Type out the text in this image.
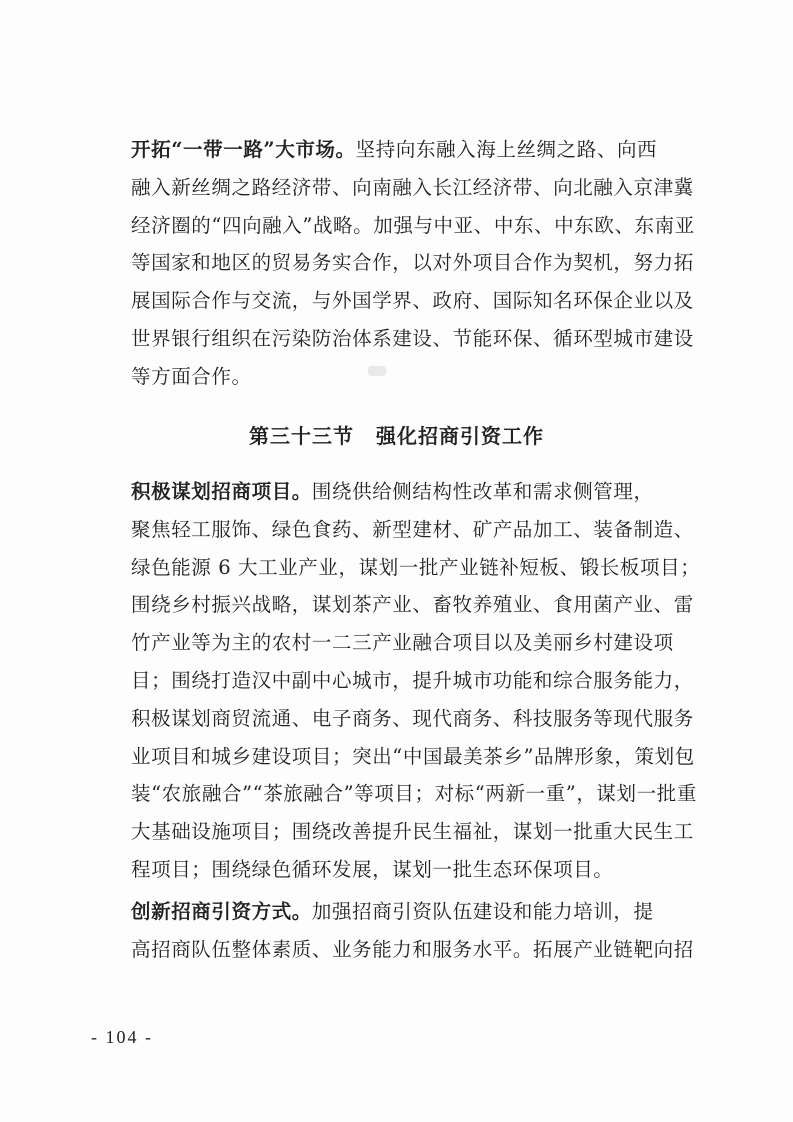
开拓“一带一路”大市场。坚持向东融入海上丝绸之路、向西
融入新丝绸之路经济带、向南融入长江经济带、向北融入京津冀
经济圈的“四向融入”战略。加强与中亚、中东、中东欧、东南亚
等国家和地区的贸易务实合作，以对外项目合作为契机，努力拓
展国际合作与交流，与外国学界、政府、国际知名环保企业以及
世界银行组织在污染防治体系建设、节能环保、循环型城市建设
等方面合作。
第三十三节 强化招商引资工作
积极谋划招商项目。围绕供给侧结构性改革和需求侧管理，
聚焦轻工服饰、绿色食药、新型建材、矿产品加工、装备制造、
绿色能源 6 大工业产业，谋划一批产业链补短板、锻长板项目；
围绕乡村振兴战略，谋划茶产业、畜牧养殖业、食用菌产业、雷
竹产业等为主的农村一二三产业融合项目以及美丽乡村建设项
目；围绕打造汉中副中心城市，提升城市功能和综合服务能力，
积极谋划商贸流通、电子商务、现代商务、科技服务等现代服务
业项目和城乡建设项目；突出“中国最美茶乡”品牌形象，策划包
装“农旅融合”“茶旅融合”等项目；对标“两新一重”，谋划一批重
大基础设施项目；围绕改善提升民生福祉，谋划一批重大民生工
程项目；围绕绿色循环发展，谋划一批生态环保项目。
创新招商引资方式。加强招商引资队伍建设和能力培训，提
高招商队伍整体素质、业务能力和服务水平。拓展产业链靶向招
- 104 -
